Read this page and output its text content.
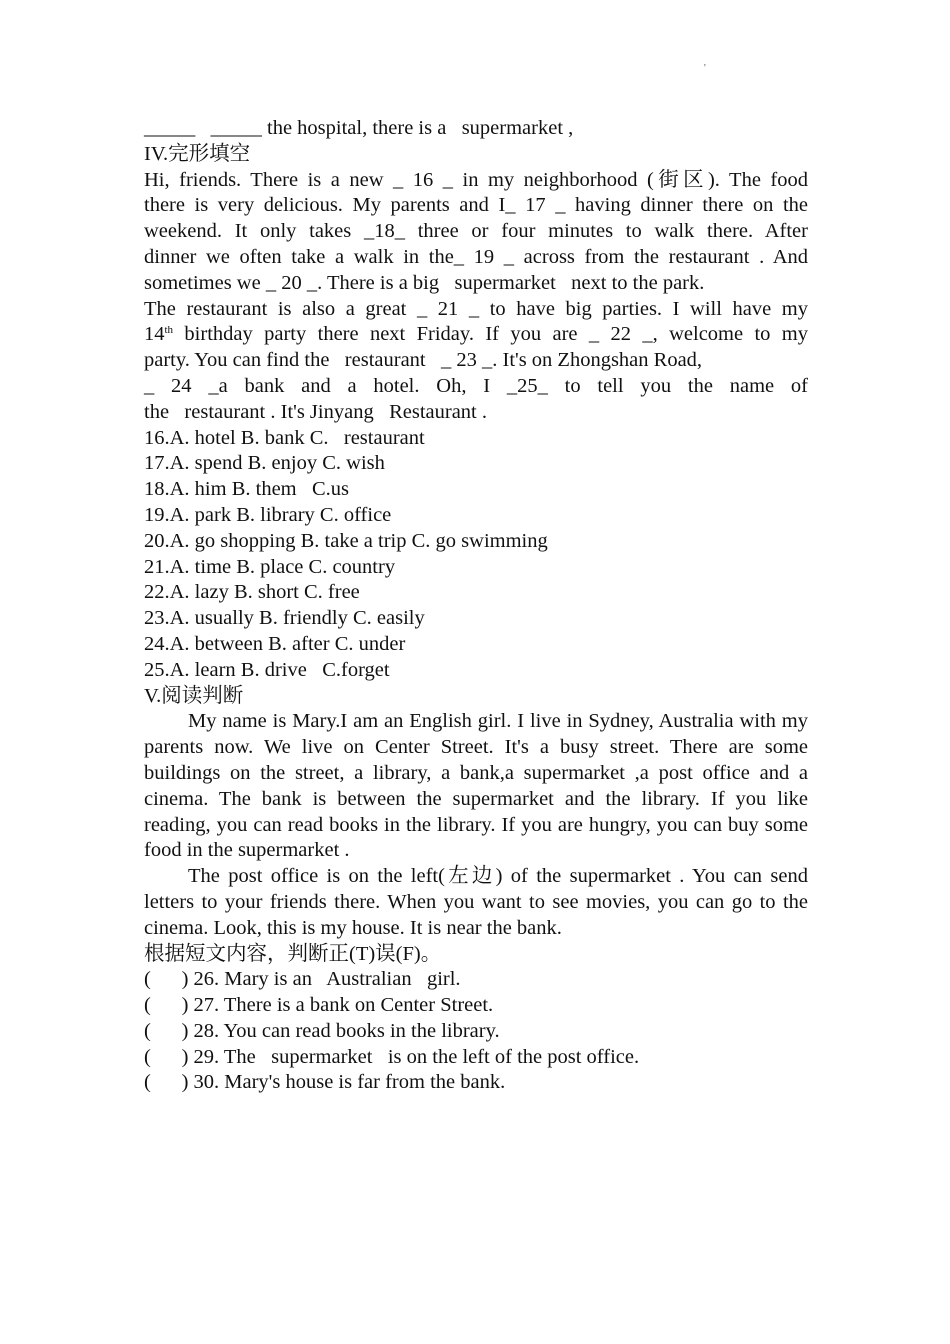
'

_____   _____ the hospital, there is a   supermarket ,

IV.完形填空

Hi, friends. There is a new _ 16 _ in my neighborhood (街区). The food

there is very delicious. My parents and I_ 17 _ having dinner there on the

weekend. It only takes _18_ three or four minutes to walk there. After

dinner we often take a walk in the_ 19 _ across from the restaurant . And

sometimes we _ 20 _. There is a big   supermarket   next to the park.

The restaurant is also a great _ 21 _ to have big parties. I will have my

14th birthday party there next Friday. If you are _ 22 _, welcome to my

party. You can find the   restaurant   _ 23 _. It's on Zhongshan Road,

_ 24 _a bank and a hotel. Oh, I _25_ to tell you the name of

the   restaurant . It's Jinyang   Restaurant .

16.A. hotel B. bank C.   restaurant

17.A. spend B. enjoy C. wish

18.A. him B. them   C.us

19.A. park B. library C. office

20.A. go shopping B. take a trip C. go swimming

21.A. time B. place C. country

22.A. lazy B. short C. free

23.A. usually B. friendly C. easily

24.A. between B. after C. under

25.A. learn B. drive   C.forget

V.阅读判断

My name is Mary.I am an English girl. I live in Sydney, Australia with my parents now. We live on Center Street. It's a busy street. There are some buildings on the street, a library, a bank,a supermarket ,a post office and a cinema. The bank is between the supermarket and the library. If you like reading, you can read books in the library. If you are hungry, you can buy some food in the supermarket .

The post office is on the left(左边) of the supermarket . You can send letters to your friends there. When you want to see movies, you can go to the cinema. Look, this is my house. It is near the bank.

根据短文内容，判断正(T)误(F)。

(      ) 26. Mary is an   Australian   girl.

(      ) 27. There is a bank on Center Street.

(      ) 28. You can read books in the library.

(      ) 29. The   supermarket   is on the left of the post office.

(      ) 30. Mary's house is far from the bank.
